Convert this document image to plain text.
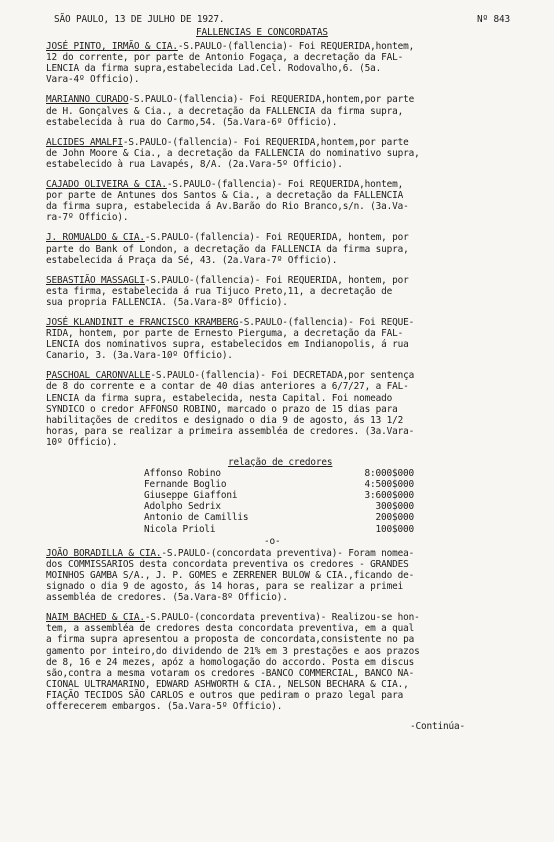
SÃO PAULO, 13 DE JULHO DE 1927.	Nº 843
FALLENCIAS E CONCORDATAS

JOSÉ PINTO, IRMÃO & CIA.-S.PAULO-(fallencia)- Foi REQUERIDA,hontem,

12 do corrente, por parte de Antonio Fogaça, a decretação da FAL-

LENCIA da firma supra,estabelecida Lad.Cel. Rodovalho,6. (5a.

Vara-4º Officio).

MARIANNO CURADO-S.PAULO-(fallencia)- Foi REQUERIDA,hontem,por parte

de H. Gonçalves & Cia., a decretação da FALLENCIA da firma supra,

estabelecida à rua do Carmo,54. (5a.Vara-6º Officio).

ALCIDES AMALFI-S.PAULO-(fallencia)- Foi REQUERIDA,hontem,por parte

de John Moore & Cia., a decretação da FALLENCIA do nominativo supra,

estabelecido à rua Lavapés, 8/A. (2a.Vara-5º Officio).

CAJADO OLIVEIRA & CIA.-S.PAULO-(fallencia)- Foi REQUERIDA,hontem,

por parte de Antunes dos Santos & Cia., a decretação da FALLENCIA

da firma supra, estabelecida á Av.Barão do Rio Branco,s/n. (3a.Va-

ra-7º Officio).

J. ROMUALDO & CIA.-S.PAULO-(fallencia)- Foi REQUERIDA, hontem, por

parte do Bank of London, a decretação da FALLENCIA da firma supra,

estabelecida á Praça da Sé, 43. (2a.Vara-7º Officio).

SEBASTIÃO MASSAGLI-S.PAULO-(fallencia)- Foi REQUERIDA, hontem, por

esta firma, estabelecida á rua Tijuco Preto,11, a decretação de

sua propria FALLENCIA. (5a.Vara-8º Officio).

JOSÉ KLANDINIT e FRANCISCO KRAMBERG-S.PAULO-(fallencia)- Foi REQUE-

RIDA, hontem, por parte de Ernesto Pierguma, a decretação da FAL-

LENCIA dos nominativos supra, estabelecidos em Indianopolis, á rua

Canario, 3. (3a.Vara-10º Officio).

PASCHOAL CARONVALLE-S.PAULO-(fallencia)- Foi DECRETADA,por sentença

de 8 do corrente e a contar de 40 dias anteriores a 6/7/27, a FAL-

LENCIA da firma supra, estabelecida, nesta Capital. Foi nomeado

SYNDICO o credor AFFONSO ROBINO, marcado o prazo de 15 dias para

habilitações de creditos e designado o dia 9 de agosto, ás 13 1/2

horas, para se realizar a primeira assembléa de credores. (3a.Vara-

10º Officio).

relação de credores
Affonso Robino	8:000$000
Fernande Boglio	4:500$000
Giuseppe Giaffoni	3:600$000
Adolpho Sedrix	300$000
Antonio de Camillis	200$000
Nicola Prioli	100$000
-o-

JOÃO BORADILLA & CIA.-S.PAULO-(concordata preventiva)- Foram nomea-

dos COMMISSARIOS desta concordata preventiva os credores - GRANDES

MOINHOS GAMBA S/A., J. P. GOMES e ZERRENER BULOW & CIA.,ficando de-

signado o dia 9 de agosto, ás 14 horas, para se realizar a primei

assembléa de credores. (5a.Vara-8º Officio).

NAIM BACHED & CIA.-S.PAULO-(concordata preventiva)- Realizou-se hon-

tem, a assembléa de credores desta concordata preventiva, em a qual

a firma supra apresentou a proposta de concordata,consistente no pa

gamento por inteiro,do dividendo de 21% em 3 prestações e aos prazos

de 8, 16 e 24 mezes, apóz a homologação do accordo. Posta em discus

são,contra a mesma votaram os credores -BANCO COMMERCIAL, BANCO NA-

CIONAL ULTRAMARINO, EDWARD ASHWORTH & CIA., NELSON BECHARA & CIA.,

FIAÇÃO TECIDOS SÃO CARLOS e outros que pediram o prazo legal para

offerecerem embargos. (5a.Vara-5º Officio).

-Continúa-
